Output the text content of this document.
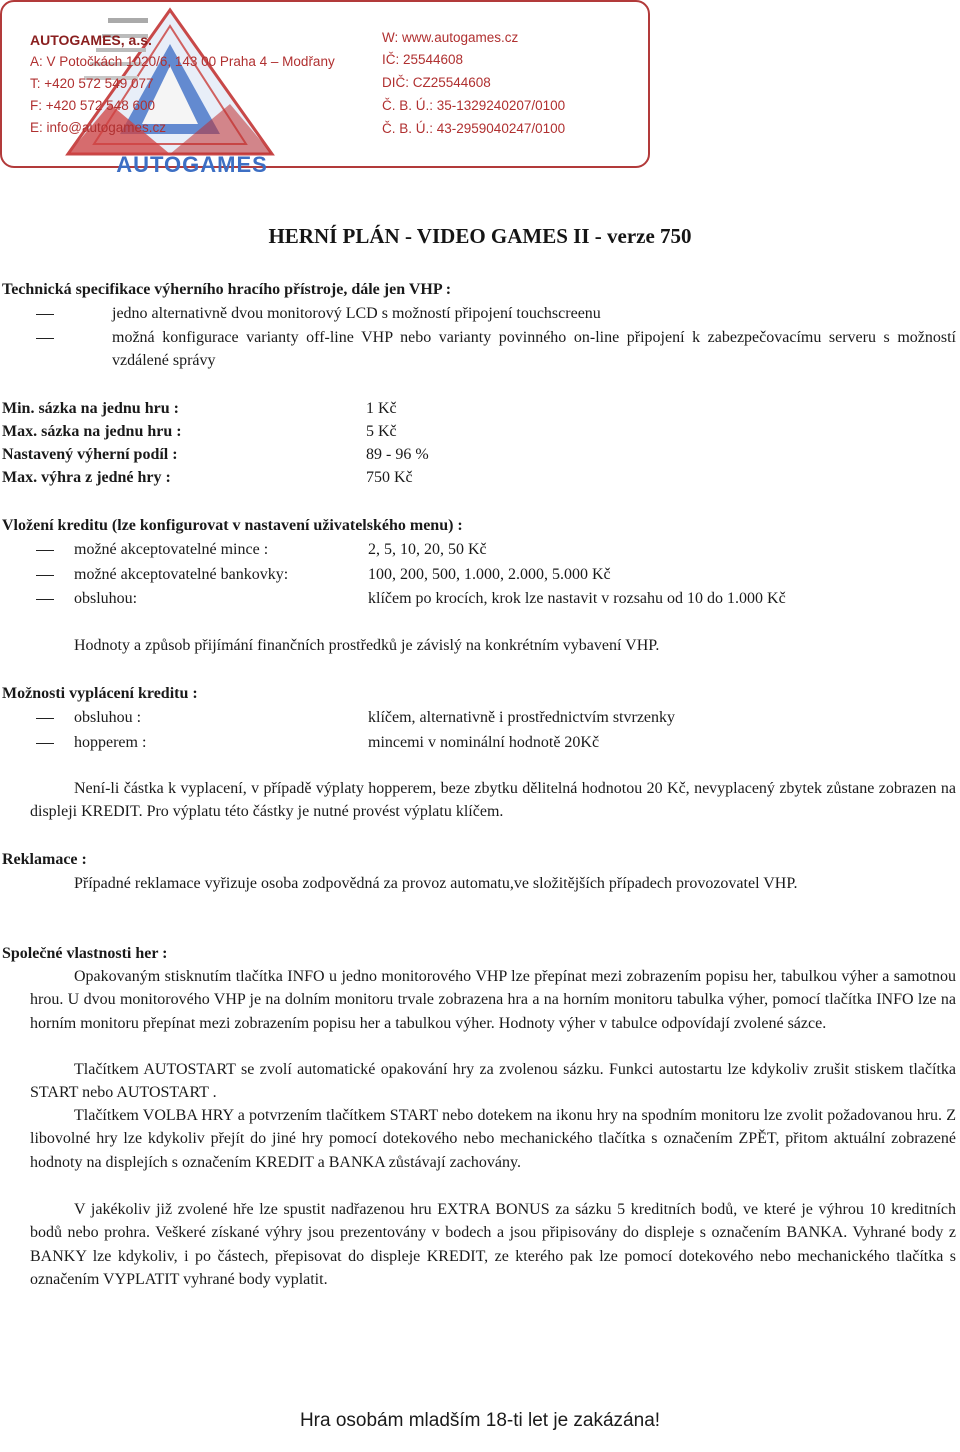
AUTOGAMES
AUTOGAMES, a.s.
A: V Potočkách 1020/6, 143 00 Praha 4 – Modřany
T: +420 572 549 077
F: +420 572 548 600
E: info@autogames.cz
W: www.autogames.cz
IČ: 25544608
DIČ: CZ25544608
Č. B. Ú.: 35-1329240207/0100
Č. B. Ú.: 43-2959040247/0100
HERNÍ PLÁN - VIDEO GAMES II - verze 750
Technická specifikace výherního hracího přístroje, dále jen VHP :
jedno alternativně dvou monitorový LCD s možností připojení touchscreenu
možná konfigurace varianty off-line VHP nebo varianty povinného on-line připojení k zabezpečovacímu serveru s možností vzdálené správy
Min. sázka na jednu hru :	1 Kč
Max. sázka na jednu hru :	5 Kč
Nastavený výherní podíl :	89 - 96 %
Max. výhra z jedné hry :	750 Kč
Vložení kreditu (lze konfigurovat v nastavení uživatelského menu) :
možné akceptovatelné mince :	2, 5, 10, 20, 50 Kč
možné akceptovatelné bankovky:	100, 200, 500, 1.000, 2.000, 5.000 Kč
obsluhou:	klíčem po krocích, krok lze nastavit v rozsahu od 10 do 1.000 Kč
Hodnoty a způsob přijímání finančních prostředků je závislý na konkrétním vybavení VHP.
Možnosti vyplácení kreditu :
obsluhou :	klíčem, alternativně i prostřednictvím stvrzenky
hopperem :	mincemi v nominální hodnotě 20Kč
Není-li částka k vyplacení, v případě výplaty hopperem, beze zbytku dělitelná hodnotou 20 Kč, nevyplacený zbytek zůstane zobrazen na displeji KREDIT. Pro výplatu této částky je nutné provést výplatu klíčem.
Reklamace :
Případné reklamace vyřizuje osoba zodpovědná za provoz automatu,ve složitějších případech provozovatel VHP.
Společné vlastnosti her :
Opakovaným stisknutím tlačítka INFO u jedno monitorového VHP lze přepínat mezi zobrazením popisu her, tabulkou výher a samotnou hrou. U dvou monitorového VHP je na dolním monitoru trvale zobrazena hra a na horním monitoru tabulka výher, pomocí tlačítka INFO lze na horním monitoru přepínat mezi zobrazením popisu her a tabulkou výher. Hodnoty výher v tabulce odpovídají zvolené sázce.
Tlačítkem AUTOSTART se zvolí automatické opakování hry za zvolenou sázku. Funkci autostartu lze kdykoliv zrušit stiskem tlačítka START nebo AUTOSTART .
Tlačítkem VOLBA HRY a potvrzením tlačítkem START nebo dotekem na ikonu hry na spodním monitoru lze zvolit požadovanou hru. Z libovolné hry lze kdykoliv přejít do jiné hry pomocí dotekového nebo mechanického tlačítka s označením ZPĚT, přitom aktuální zobrazené hodnoty na displejích s označením KREDIT a BANKA zůstávají zachovány.
V jakékoliv již zvolené hře lze spustit nadřazenou hru EXTRA BONUS za sázku 5 kreditních bodů, ve které je výhrou 10 kreditních bodů nebo prohra. Veškeré získané výhry jsou prezentovány v bodech a jsou připisovány do displeje s označením BANKA. Vyhrané body z BANKY lze kdykoliv, i po částech, přepisovat do displeje KREDIT, ze kterého pak lze pomocí dotekového nebo mechanického tlačítka s označením VYPLATIT vyhrané body vyplatit.
Hra osobám mladším 18-ti let je zakázána!
